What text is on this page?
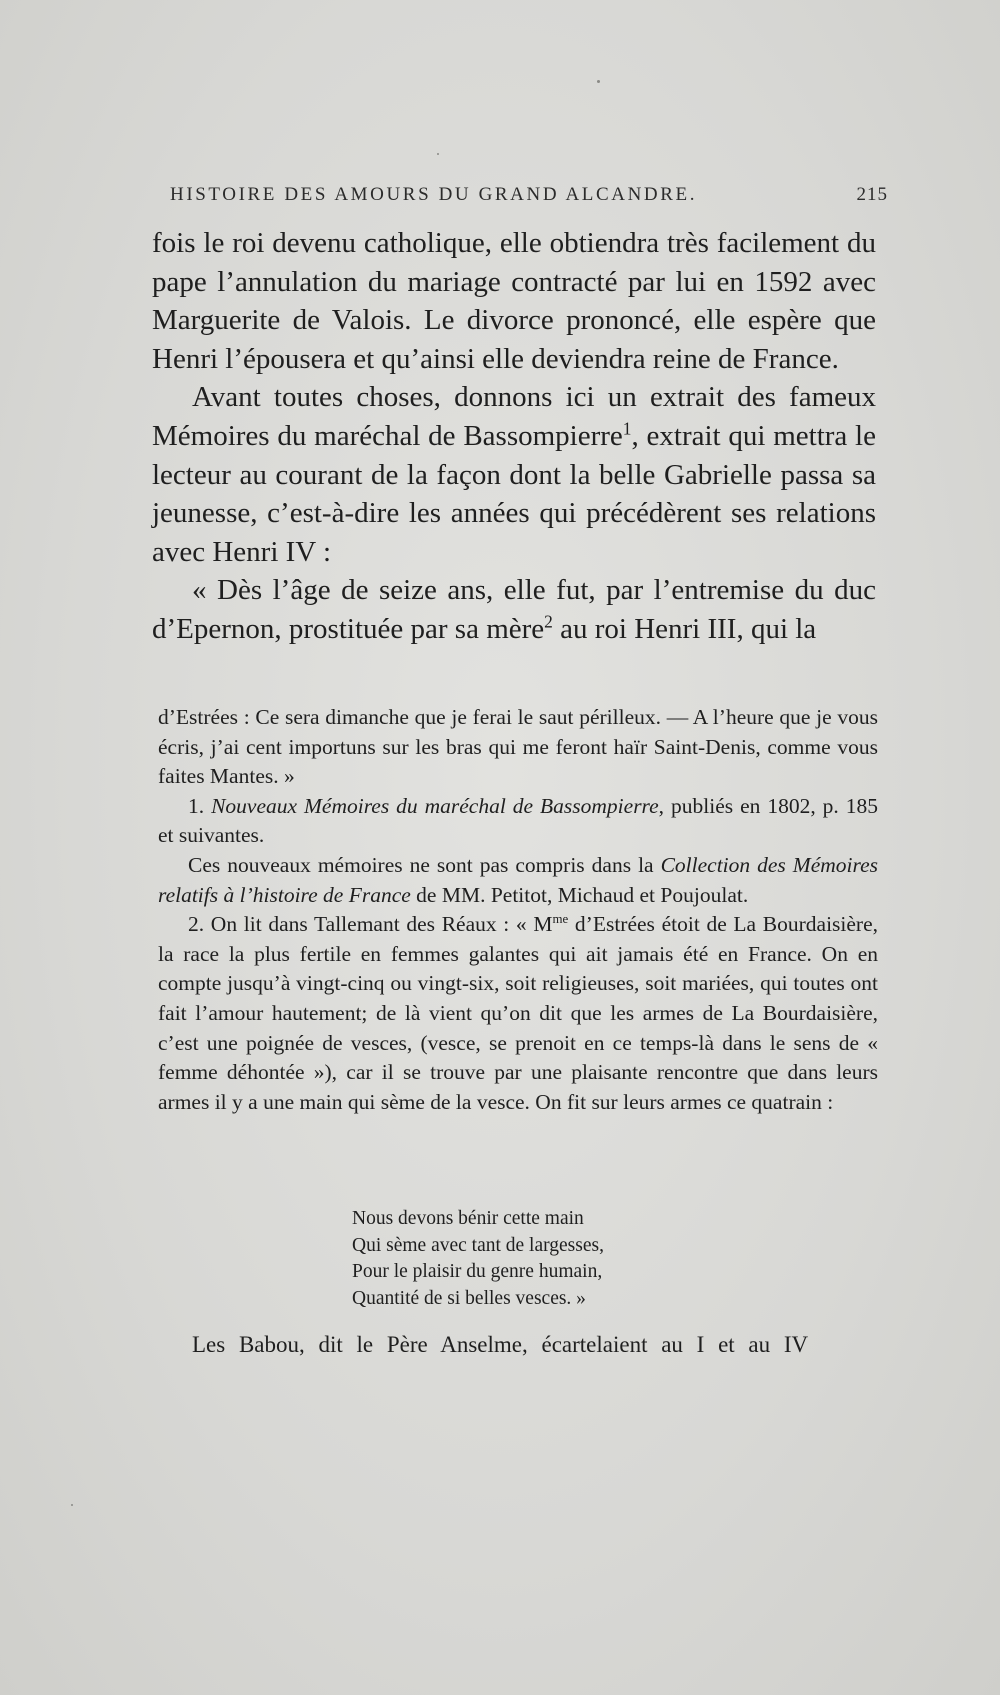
HISTOIRE DES AMOURS DU GRAND ALCANDRE.	215

fois le roi devenu catholique, elle obtiendra très facilement du pape l’annulation du mariage contracté par lui en 1592 avec Marguerite de Valois. Le divorce prononcé, elle espère que Henri l’épousera et qu’ainsi elle deviendra reine de France.

Avant toutes choses, donnons ici un extrait des fameux Mémoires du maréchal de Bassompierre$^1$, extrait qui mettra le lecteur au courant de la façon dont la belle Gabrielle passa sa jeunesse, c’est-à-dire les années qui précédèrent ses relations avec Henri IV :

« Dès l’âge de seize ans, elle fut, par l’entremise du duc d’Epernon, prostituée par sa mère$^2$ au roi Henri III, qui la

d’Estrées : Ce sera dimanche que je ferai le saut périlleux. — A l’heure que je vous écris, j’ai cent importuns sur les bras qui me feront haïr Saint-Denis, comme vous faites Mantes. »

1. Nouveaux Mémoires du maréchal de Bassompierre, publiés en 1802, p. 185 et suivantes.

Ces nouveaux mémoires ne sont pas compris dans la Collection des Mémoires relatifs à l’histoire de France de MM. Petitot, Michaud et Poujoulat.

2. On lit dans Tallemant des Réaux : « $M^{me}$ d’Estrées étoit de La Bourdaisière, la race la plus fertile en femmes galantes qui ait jamais été en France. On en compte jusqu’à vingt-cinq ou vingt-six, soit religieuses, soit mariées, qui toutes ont fait l’amour hautement; de là vient qu’on dit que les armes de La Bourdaisière, c’est une poignée de vesces, (vesce, se prenoit en ce temps-là dans le sens de « femme déhontée »), car il se trouve par une plaisante rencontre que dans leurs armes il y a une main qui sème de la vesce. On fit sur leurs armes ce quatrain :

Nous devons bénir cette main
Qui sème avec tant de largesses,
Pour le plaisir du genre humain,
Quantité de si belles vesces. »
Les Babou, dit le Père Anselme, écartelaient au I et au IV
